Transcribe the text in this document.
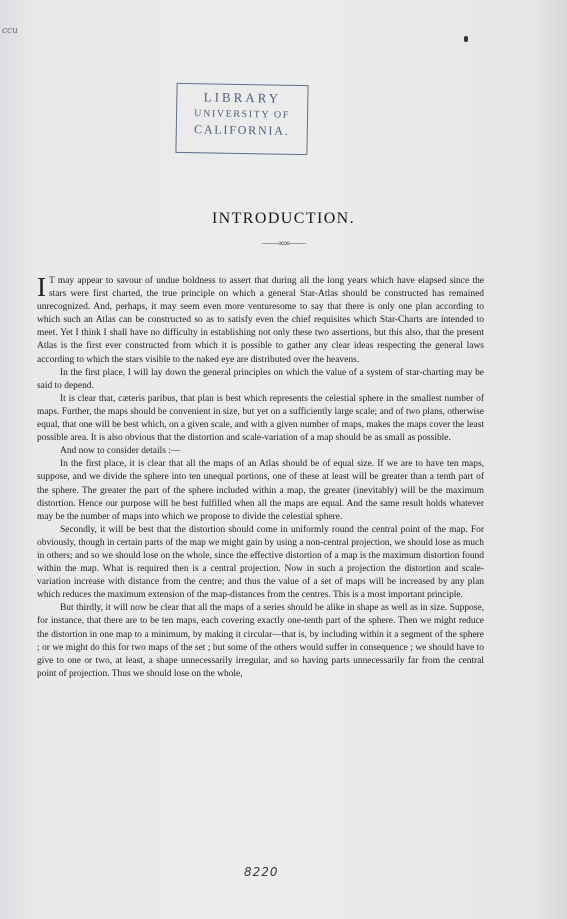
ccu
LIBRARY
UNIVERSITY OF
CALIFORNIA.
INTRODUCTION.
——∞∞——

I T may appear to savour of undue boldness to assert that during all the long years which have elapsed since the stars were first charted, the true principle on which a general Star-Atlas should be constructed has remained unrecognized. And, perhaps, it may seem even more venturesome to say that there is only one plan according to which such an Atlas can be constructed so as to satisfy even the chief requisites which Star-Charts are intended to meet. Yet I think I shall have no difficulty in establishing not only these two assertions, but this also, that the present Atlas is the first ever constructed from which it is possible to gather any clear ideas respecting the general laws according to which the stars visible to the naked eye are distributed over the heavens.

In the first place, I will lay down the general principles on which the value of a system of star-charting may be said to depend.

It is clear that, cæteris paribus, that plan is best which represents the celestial sphere in the smallest number of maps. Further, the maps should be convenient in size, but yet on a sufficiently large scale; and of two plans, otherwise equal, that one will be best which, on a given scale, and with a given number of maps, makes the maps cover the least possible area. It is also obvious that the distortion and scale-variation of a map should be as small as possible.

And now to consider details :—

In the first place, it is clear that all the maps of an Atlas should be of equal size. If we are to have ten maps, suppose, and we divide the sphere into ten unequal portions, one of these at least will be greater than a tenth part of the sphere. The greater the part of the sphere included within a map, the greater (inevitably) will be the maximum distortion. Hence our purpose will be best fulfilled when all the maps are equal. And the same result holds whatever may be the number of maps into which we propose to divide the celestial sphere.

Secondly, it will be best that the distortion should come in uniformly round the central point of the map. For obviously, though in certain parts of the map we might gain by using a non-central projection, we should lose as much in others; and so we should lose on the whole, since the effective distortion of a map is the maximum distortion found within the map. What is required then is a central projection. Now in such a projection the distortion and scale-variation increase with distance from the centre; and thus the value of a set of maps will be increased by any plan which reduces the maximum extension of the map-distances from the centres. This is a most important principle.

But thirdly, it will now be clear that all the maps of a series should be alike in shape as well as in size. Suppose, for instance, that there are to be ten maps, each covering exactly one-tenth part of the sphere. Then we might reduce the distortion in one map to a minimum, by making it circular—that is, by including within it a segment of the sphere ; or we might do this for two maps of the set ; but some of the others would suffer in consequence ; we should have to give to one or two, at least, a shape unnecessarily irregular, and so having parts unnecessarily far from the central point of projection. Thus we should lose on the whole,

8220
